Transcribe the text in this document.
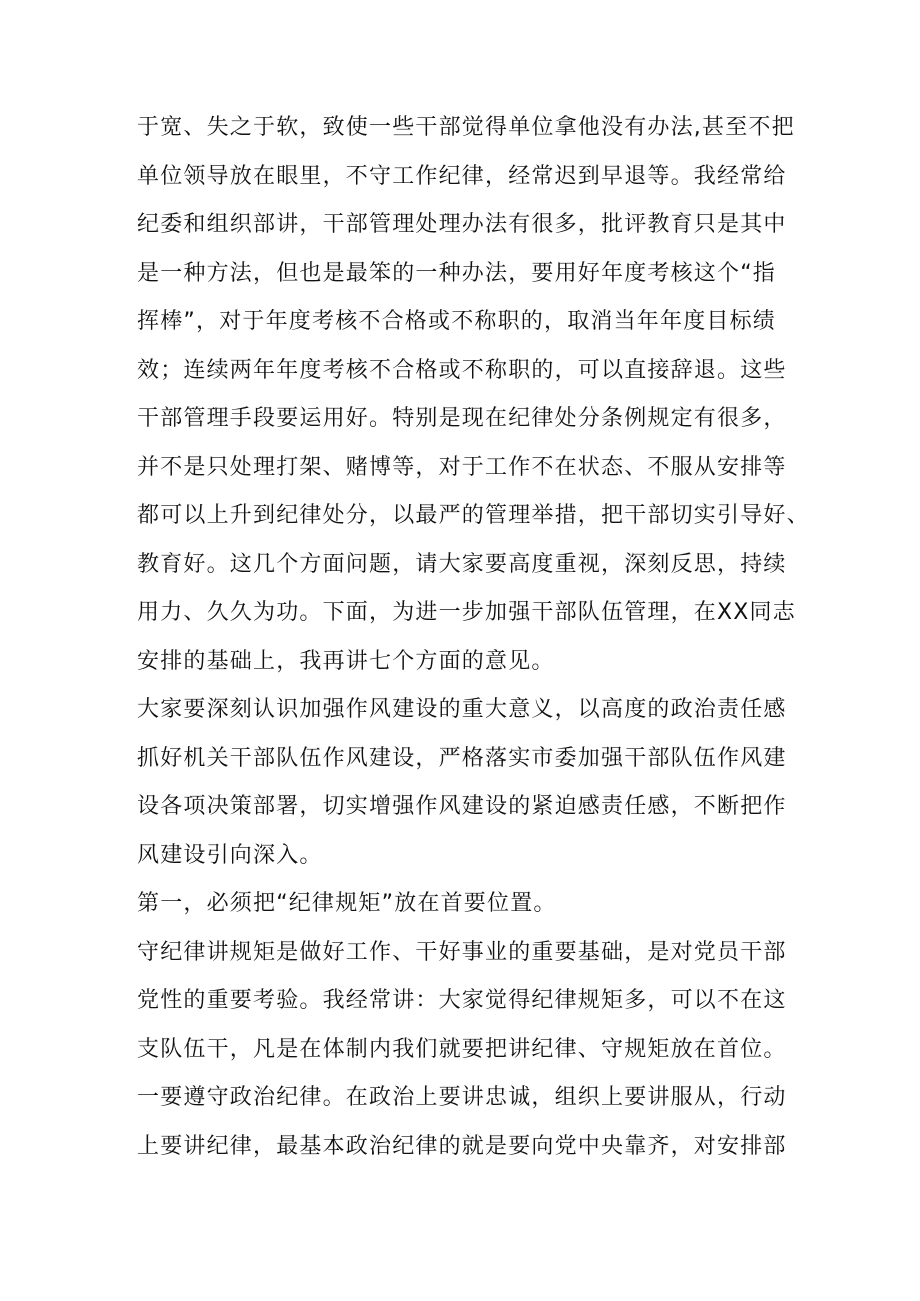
于宽、失之于软，致使一些干部觉得单位拿他没有办法,甚至不把
单位领导放在眼里，不守工作纪律，经常迟到早退等。我经常给
纪委和组织部讲，干部管理处理办法有很多，批评教育只是其中
是一种方法，但也是最笨的一种办法，要用好年度考核这个“指
挥棒”，对于年度考核不合格或不称职的，取消当年年度目标绩
效；连续两年年度考核不合格或不称职的，可以直接辞退。这些
干部管理手段要运用好。特别是现在纪律处分条例规定有很多，
并不是只处理打架、赌博等，对于工作不在状态、不服从安排等
都可以上升到纪律处分，以最严的管理举措，把干部切实引导好、
教育好。这几个方面问题，请大家要高度重视，深刻反思，持续
用力、久久为功。下面，为进一步加强干部队伍管理，在XX同志
安排的基础上，我再讲七个方面的意见。
大家要深刻认识加强作风建设的重大意义，以高度的政治责任感
抓好机关干部队伍作风建设，严格落实市委加强干部队伍作风建
设各项决策部署，切实增强作风建设的紧迫感责任感，不断把作
风建设引向深入。
第一，必须把“纪律规矩”放在首要位置。
守纪律讲规矩是做好工作、干好事业的重要基础，是对党员干部
党性的重要考验。我经常讲：大家觉得纪律规矩多，可以不在这
支队伍干，凡是在体制内我们就要把讲纪律、守规矩放在首位。
一要遵守政治纪律。在政治上要讲忠诚，组织上要讲服从，行动
上要讲纪律，最基本政治纪律的就是要向党中央靠齐，对安排部
